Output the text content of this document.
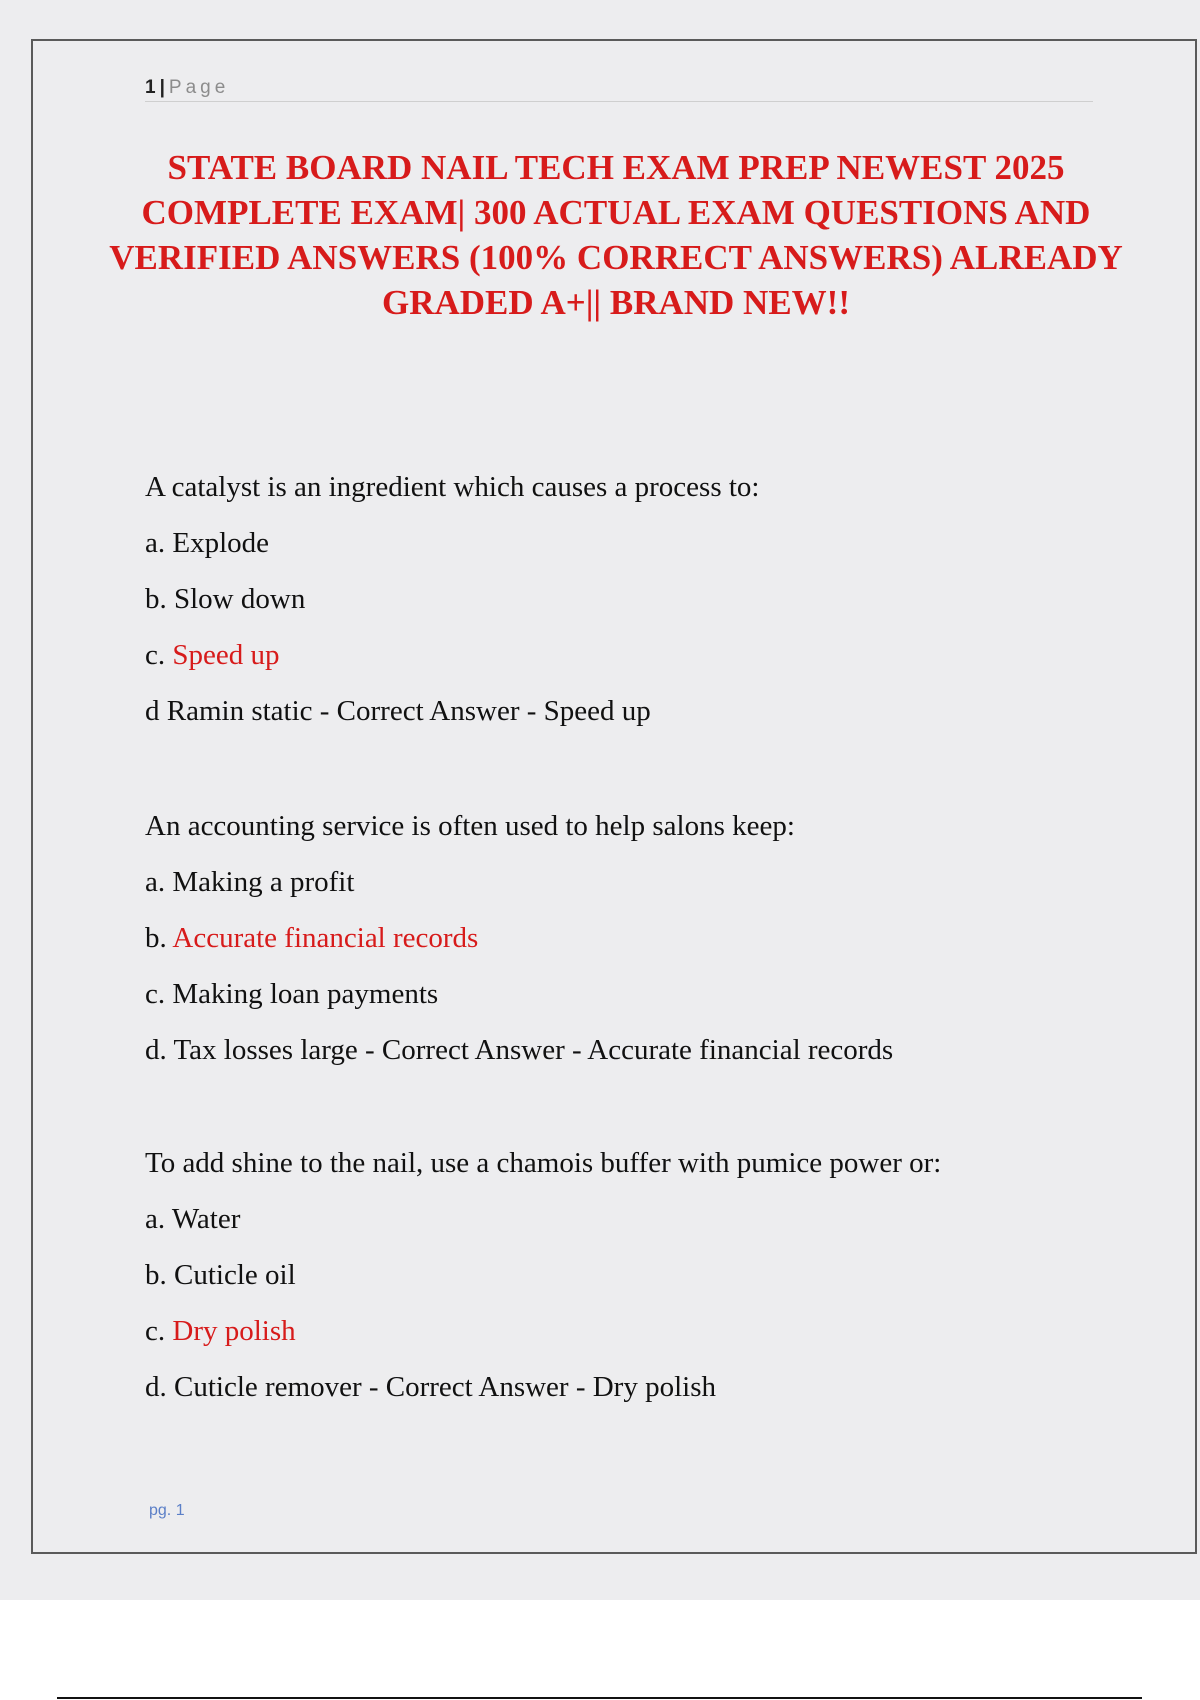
1 | Page
STATE BOARD NAIL TECH EXAM PREP NEWEST 2025 COMPLETE EXAM| 300 ACTUAL EXAM QUESTIONS AND VERIFIED ANSWERS (100% CORRECT ANSWERS) ALREADY GRADED A+|| BRAND NEW!!
A catalyst is an ingredient which causes a process to:
a. Explode
b. Slow down
c. Speed up
d Ramin static - Correct Answer - Speed up
An accounting service is often used to help salons keep:
a. Making a profit
b. Accurate financial records
c. Making loan payments
d. Tax losses large - Correct Answer - Accurate financial records
To add shine to the nail, use a chamois buffer with pumice power or:
a. Water
b. Cuticle oil
c. Dry polish
d. Cuticle remover - Correct Answer - Dry polish
pg. 1
